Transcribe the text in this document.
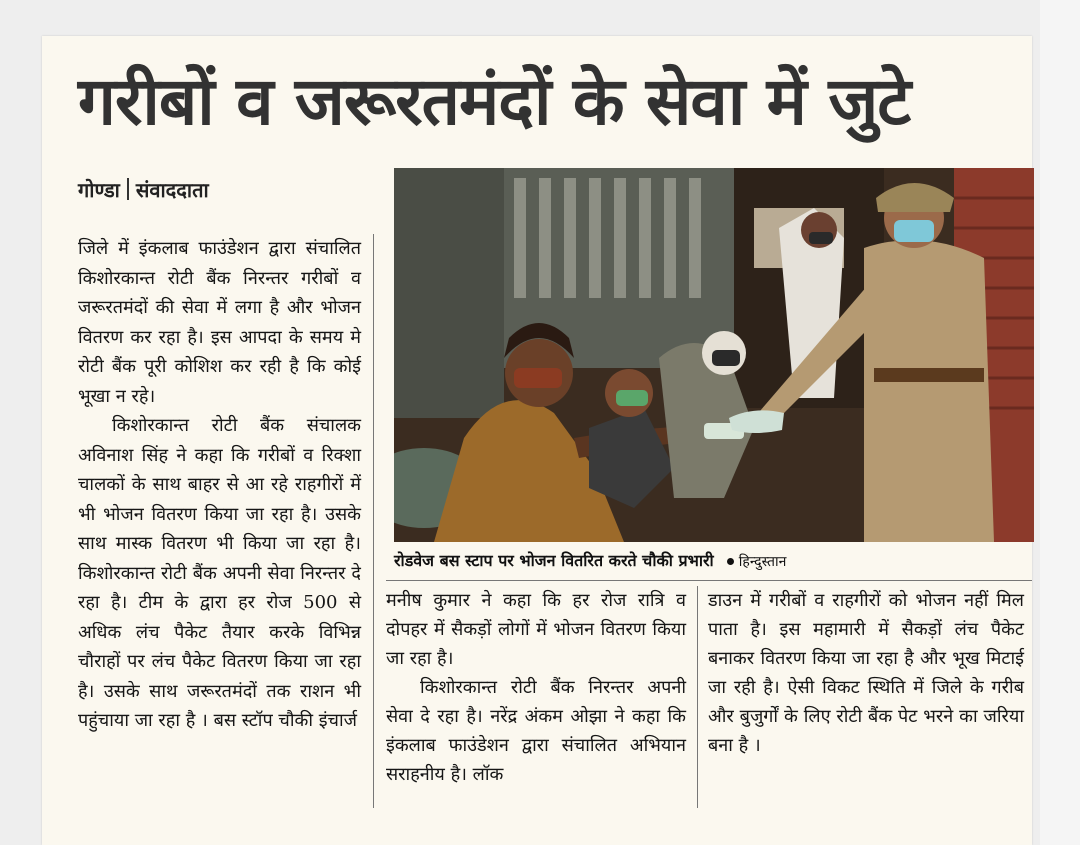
गरीबों व जरूरतमंदों के सेवा में जुटे
गोण्डा संवाददाता

जिले में इंकलाब फाउंडेशन द्वारा संचालित किशोरकान्त रोटी बैंक निरन्तर गरीबों व जरूरतमंदों की सेवा में लगा है और भोजन वितरण कर रहा है। इस आपदा के समय मे रोटी बैंक पूरी कोशिश कर रही है कि कोई भूखा न रहे।

किशोरकान्त रोटी बैंक संचालक अविनाश सिंह ने कहा कि गरीबों व रिक्शा चालकों के साथ बाहर से आ रहे राहगीरों में भी भोजन वितरण किया जा रहा है। उसके साथ मास्क वितरण भी किया जा रहा है। किशोरकान्त रोटी बैंक अपनी सेवा निरन्तर दे रहा है। टीम के द्वारा हर रोज 500 से अधिक लंच पैकेट तैयार करके विभिन्न चौराहों पर लंच पैकेट वितरण किया जा रहा है। उसके साथ जरूरतमंदों तक राशन भी पहुंचाया जा रहा है । बस स्टॉप चौकी इंचार्ज

रोडवेज बस स्टाप पर भोजन वितरित करते चौकी प्रभारी हिन्दुस्तान

मनीष कुमार ने कहा कि हर रोज रात्रि व दोपहर में सैकड़ों लोगों में भोजन वितरण किया जा रहा है।

किशोरकान्त रोटी बैंक निरन्तर अपनी सेवा दे रहा है। नरेंद्र अंकम ओझा ने कहा कि इंकलाब फाउंडेशन द्वारा संचालित अभियान सराहनीय है। लॉक

डाउन में गरीबों व राहगीरों को भोजन नहीं मिल पाता है। इस महामारी में सैकड़ों लंच पैकेट बनाकर वितरण किया जा रहा है और भूख मिटाई जा रही है। ऐसी विकट स्थिति में जिले के गरीब और बुजुर्गों के लिए रोटी बैंक पेट भरने का जरिया बना है ।
